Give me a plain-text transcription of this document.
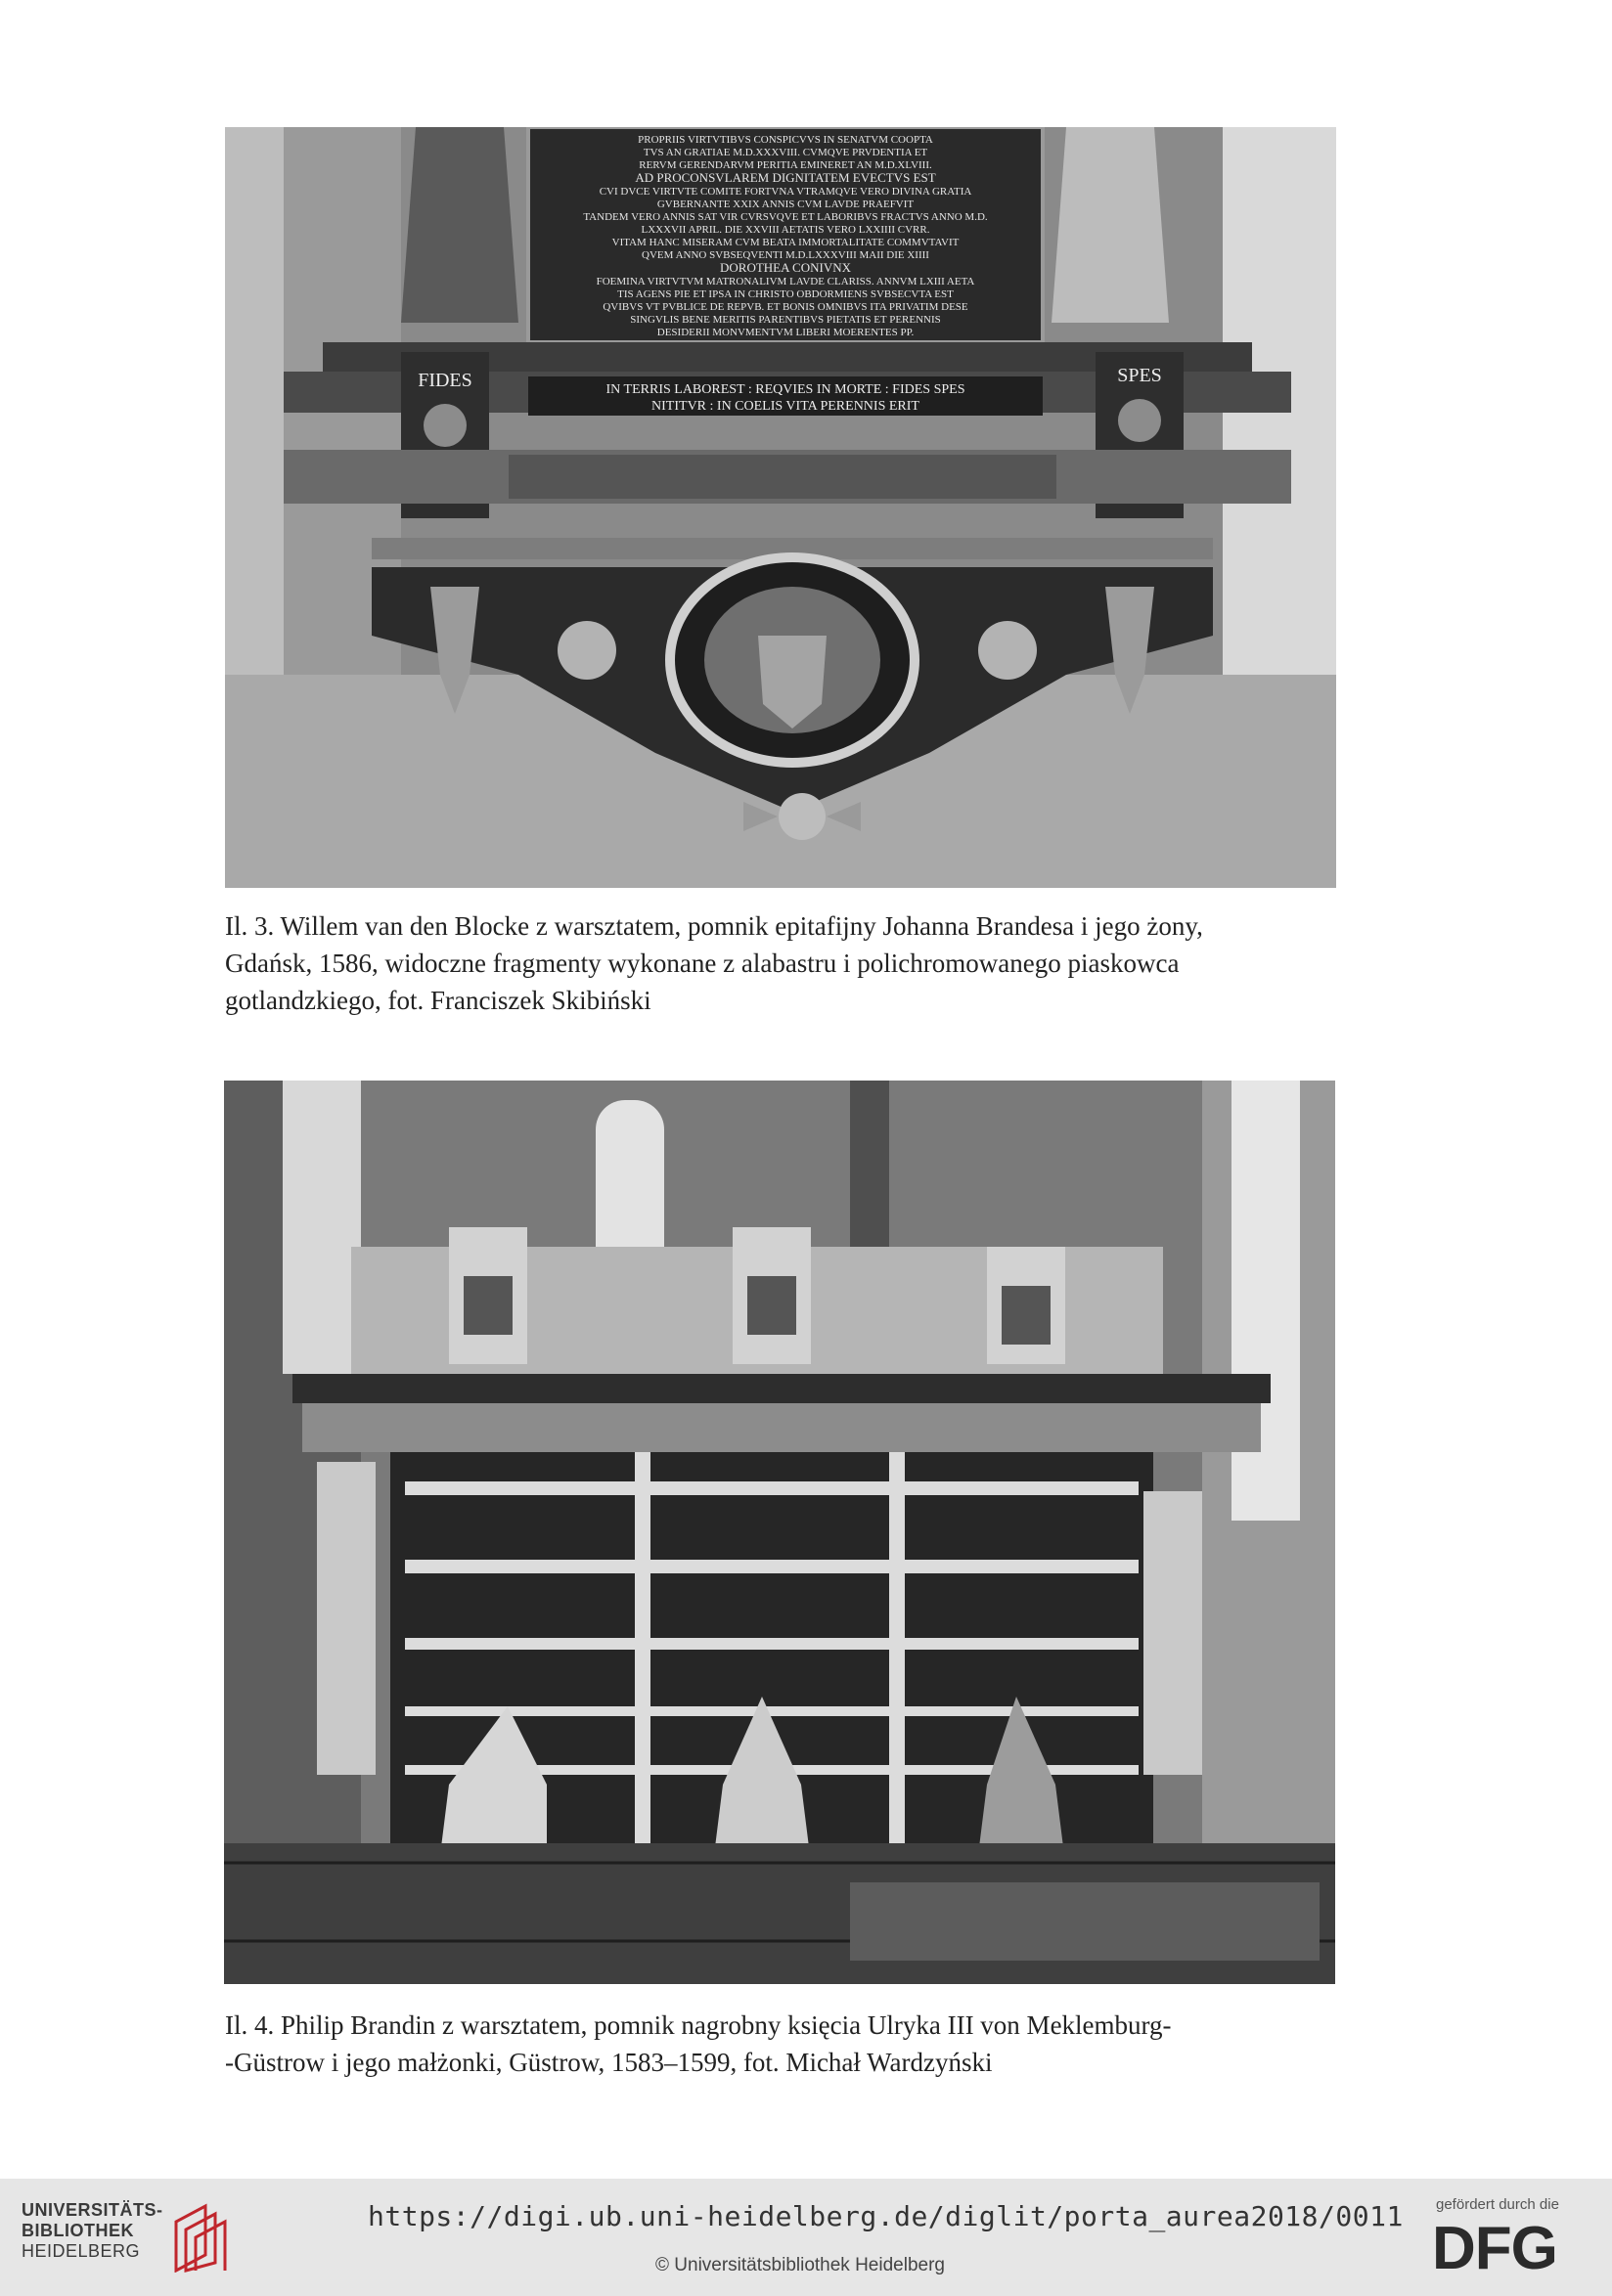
PROPRIIS VIRTVTIBVS CONSPICVVS IN SENATVM COOPTA
TVS AN GRATIAE M.D.XXXVIII. CVMQVE PRVDENTIA ET
RERVM GERENDARVM PERITIA EMINERET AN M.D.XLVIII.
AD PROCONSVLAREM DIGNITATEM EVECTVS EST
CVI DVCE VIRTVTE COMITE FORTVNA VTRAMQVE VERO DIVINA GRATIA
GVBERNANTE XXIX ANNIS CVM LAVDE PRAEFVIT
TANDEM VERO ANNIS SAT VIR CVRSVQVE ET LABORIBVS FRACTVS ANNO M.D.
LXXXVII APRIL. DIE XXVIII AETATIS VERO LXXIIII CVRR.
VITAM HANC MISERAM CVM BEATA IMMORTALITATE COMMVTAVIT
QVEM ANNO SVBSEQVENTI M.D.LXXXVIII MAII DIE XIIII
DOROTHEA CONIVNX
FOEMINA VIRTVTVM MATRONALIVM LAVDE CLARISS. ANNVM LXIII AETA
TIS AGENS PIE ET IPSA IN CHRISTO OBDORMIENS SVBSECVTA EST
QVIBVS VT PVBLICE DE REPVB. ET BONIS OMNIBVS ITA PRIVATIM DESE
SINGVLIS BENE MERITIS PARENTIBVS PIETATIS ET PERENNIS
DESIDERII MONVMENTVM LIBERI MOERENTES PP.
FIDES	SPES
IN TERRIS LABOREST : REQVIES IN MORTE : FIDES SPES
NITITVR : IN COELIS VITA PERENNIS ERIT

Il. 3. Willem van den Blocke z warsztatem, pomnik epitafijny Johanna Brandesa i jego żony,
Gdańsk, 1586, widoczne fragmenty wykonane z alabastru i polichromowanego piaskowca
gotlandzkiego, fot. Franciszek Skibiński

Il. 4. Philip Brandin z warsztatem, pomnik nagrobny księcia Ulryka III von Meklemburg-
-Güstrow i jego małżonki, Güstrow, 1583–1599, fot. Michał Wardzyński

UNIVERSITÄTS-
BIBLIOTHEK
HEIDELBERG
https://digi.ub.uni-heidelberg.de/diglit/porta_aurea2018/0011
© Universitätsbibliothek Heidelberg
gefördert durch die
DFG
